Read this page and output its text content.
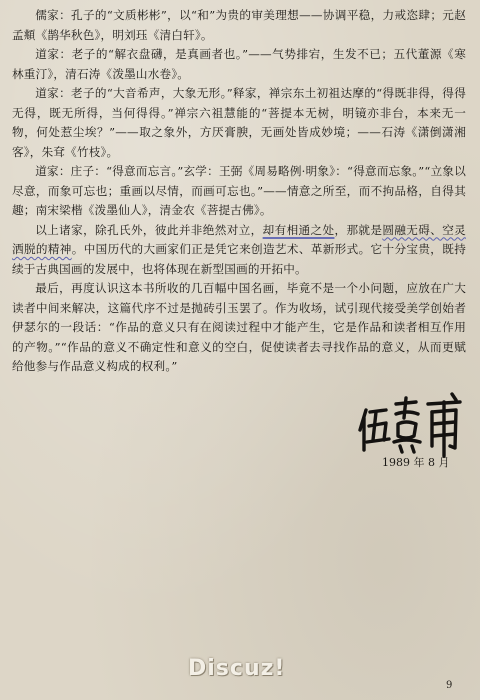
儒家：孔子的“文质彬彬”，以“和”为贵的审美理想——协调平稳，力戒恣肆；元赵孟頫《鹊华秋色》，明刘珏《清白轩》。

道家：老子的“解衣盘礴，是真画者也。”——气势排宕，生发不已；五代董源《寒林重汀》，清石涛《泼墨山水卷》。

道家：老子的“大音希声，大象无形。”释家，禅宗东土初祖达摩的“得既非得，得得无得，既无所得，当何得得。”禅宗六祖慧能的“菩提本无树，明镜亦非台，本来无一物，何处惹尘埃？”——取之象外，方厌膏腴，无画处皆成妙境；——石涛《潇倒潇湘客》，朱耷《竹枝》。

道家：庄子：“得意而忘言。”玄学：王弼《周易略例·明象》：“得意而忘象。”“立象以尽意，而象可忘也；重画以尽情，而画可忘也。”——情意之所至，而不拘品格，自得其趣；南宋梁楷《泼墨仙人》，清金农《菩提古佛》。

以上诸家，除孔氏外，彼此并非绝然对立，却有相通之处，那就是圆融无碍、空灵洒脱的精神。中国历代的大画家们正是凭它来创造艺术、革新形式。它十分宝贵，既持续于古典国画的发展中，也将体现在新型国画的开拓中。

最后，再度认识这本书所收的几百幅中国名画，毕竟不是一个小问题，应放在广大读者中间来解决，这篇代序不过是抛砖引玉罢了。作为收场，试引现代接受美学创始者伊瑟尔的一段话：“作品的意义只有在阅读过程中才能产生，它是作品和读者相互作用的产物。”“作品的意义不确定性和意义的空白，促使读者去寻找作品的意义，从而更赋给他参与作品意义构成的权利。”

1989 年 8 月
Discuz!
9
